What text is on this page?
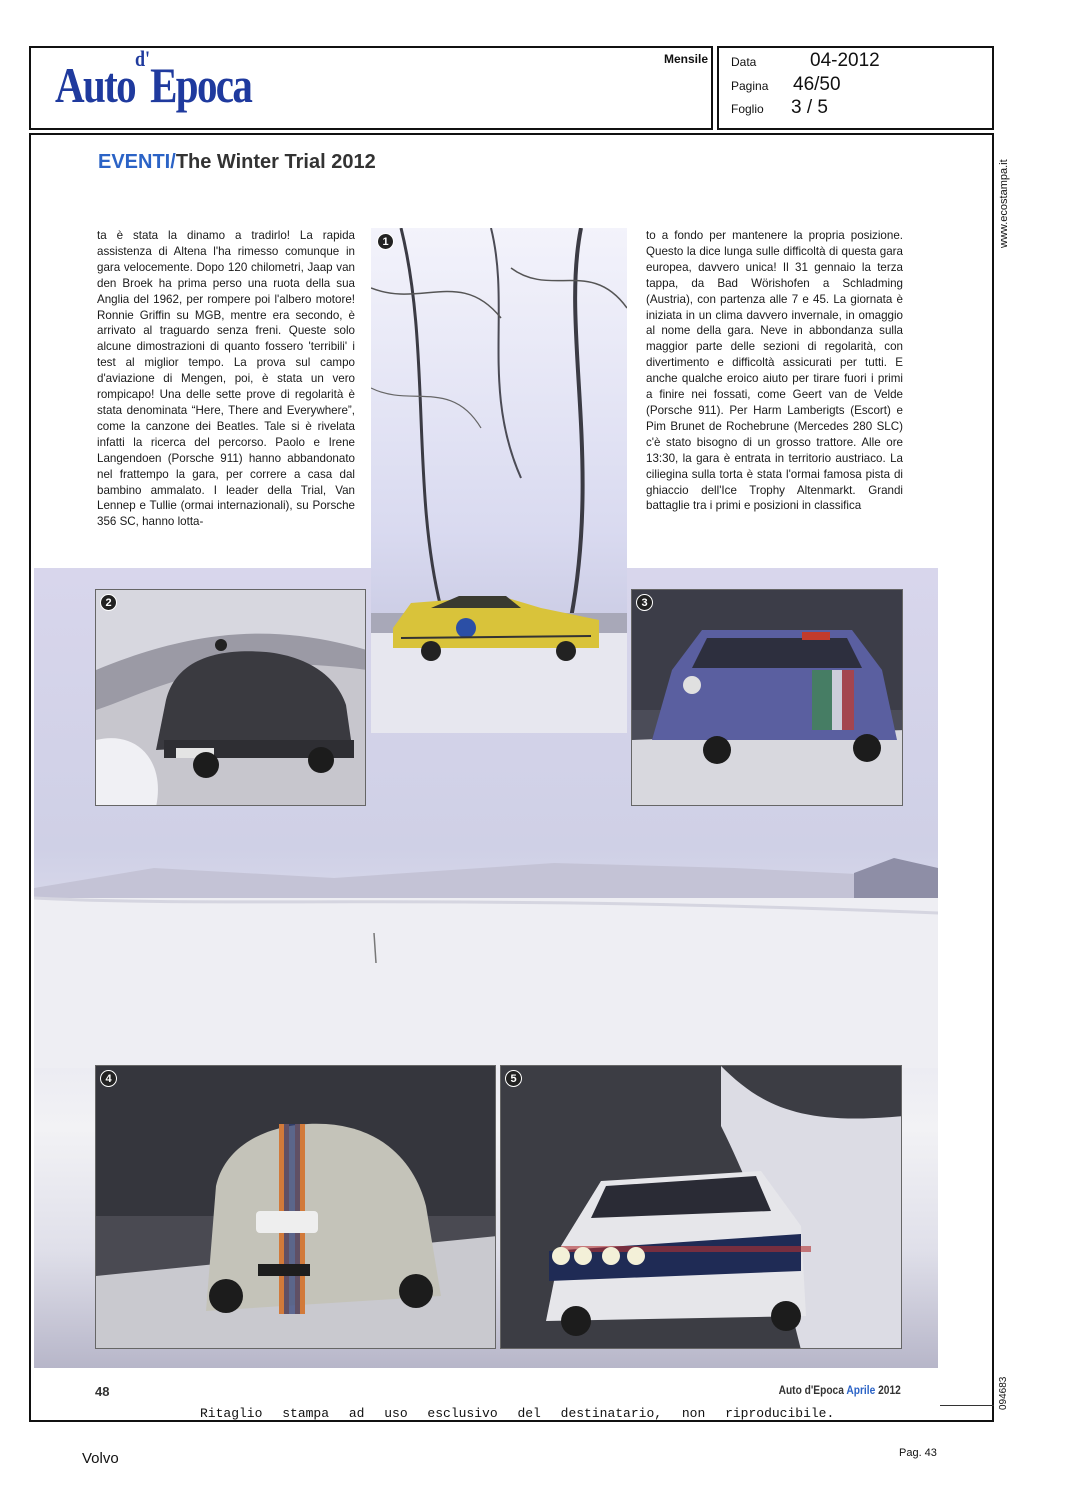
Auto$^{d'}$Epoca	Mensile Data	04-2012
Pagina 46/50
Foglio 3 / 5
www.ecostampa.it
094683
EVENTI/The Winter Trial 2012
ta è stata la dinamo a tradirlo! La rapida assistenza di Altena l'ha rimesso comunque in gara velocemente. Dopo 120 chilometri, Jaap van den Broek ha prima perso una ruota della sua Anglia del 1962, per rompere poi l'albero motore! Ronnie Griffin su MGB, mentre era secondo, è arrivato al traguardo senza freni. Queste solo alcune dimostrazioni di quanto fossero 'terribili' i test al miglior tempo. La prova sul campo d'aviazione di Mengen, poi, è stata un vero rompicapo! Una delle sette prove di regolarità è stata denominata “Here, There and Everywhere”, come la canzone dei Beatles. Tale si è rivelata infatti la ricerca del percorso. Paolo e Irene Langendoen (Porsche 911) hanno abbandonato nel frattempo la gara, per correre a casa dal bambino ammalato. I leader della Trial, Van Lennep e Tullie (ormai internazionali), su Porsche 356 SC, hanno lotta-
to a fondo per mantenere la propria posizione. Questo la dice lunga sulle difficoltà di questa gara europea, davvero unica! Il 31 gennaio la terza tappa, da Bad Wörishofen a Schladming (Austria), con partenza alle 7 e 45. La giornata è iniziata in un clima davvero invernale, in omaggio al nome della gara. Neve in abbondanza sulla maggior parte delle sezioni di regolarità, con divertimento e difficoltà assicurati per tutti. E anche qualche eroico aiuto per tirare fuori i primi a finire nei fossati, come Geert van de Velde (Porsche 911). Per Harm Lamberigts (Escort) e Pim Brunet de Rochebrune (Mercedes 280 SLC) c'è stato bisogno di un grosso trattore. Alle ore 13:30, la gara è entrata in territorio austriaco. La ciliegina sulla torta è stata l'ormai famosa pista di ghiaccio dell'Ice Trophy Altenmarkt. Grandi battaglie tra i primi e posizioni in classifica
1
2	3
4	5
48	Auto d'Epoca Aprile 2012
Ritaglio stampa ad uso esclusivo del destinatario, non riproducibile.
Volvo	Pag. 43
